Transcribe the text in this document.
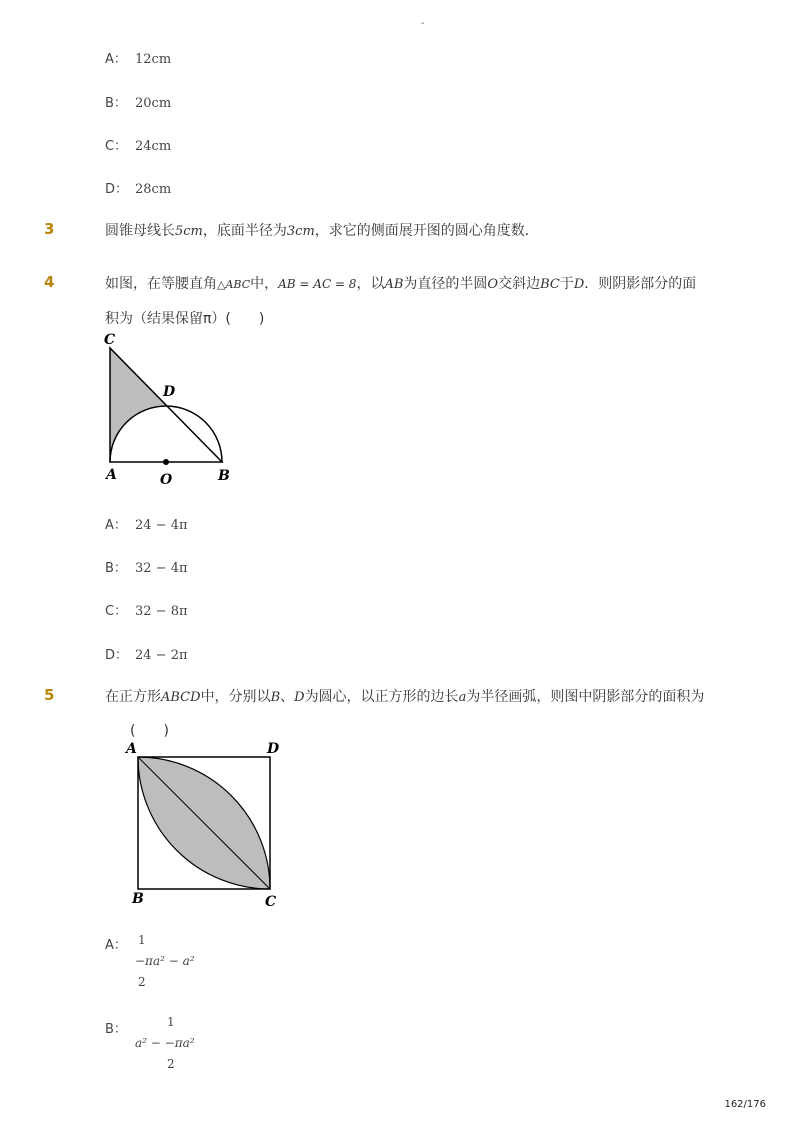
-
A： 12cm
B： 20cm
C： 24cm
D： 28cm
3	圆锥母线长5cm，底面半径为3cm，求它的侧面展开图的圆心角度数．
4	如图，在等腰直角△ABC中，AB = AC = 8，以AB为直径的半圆O交斜边BC于D．则阴影部分的面
积为（结果保留π）(　　)
C
D
A	O	B
A： 24 − 4π
B： 32 − 4π
C： 32 − 8π
D： 24 − 2π
5	在正方形ABCD中，分别以B、D为圆心，以正方形的边长a为半径画弧，则图中阴影部分的面积为
(　　)
A	D
B	C
A： 1
−πa² − a²
2
B：	1
a² − −πa²
2
162/176
